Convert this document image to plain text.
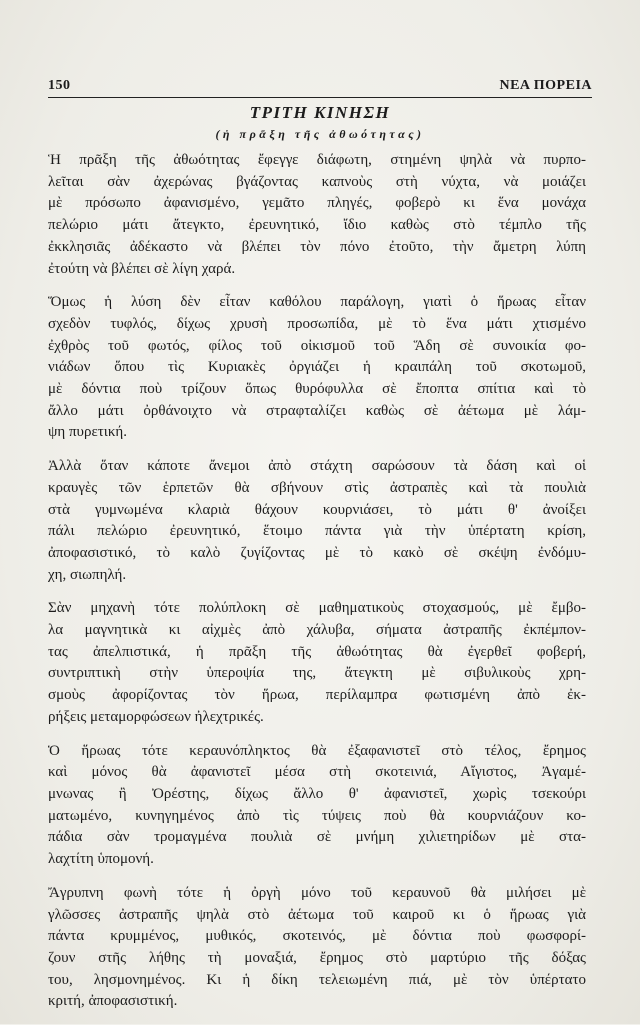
150	ΝΕΑ ΠΟΡΕΙΑ
ΤΡΙΤΗ ΚΙΝΗΣΗ
(ἡ πρᾶξη τῆς ἀθωότητας)

Ἡ πρᾶξη τῆς ἀθωότητας ἔφεγγε διάφωτη, στημένη ψηλὰ νὰ πυρπο-
λεῖται σὰν ἀχερώνας βγάζοντας καπνοὺς στὴ νύχτα, νὰ μοιάζει
μὲ πρόσωπο ἀφανισμένο, γεμᾶτο πληγές, φοβερὸ κι ἕνα μονάχα
πελώριο μάτι ἄτεγκτο, ἐρευνητικό, ἴδιο καθὼς στὸ τέμπλο τῆς
ἐκκλησιᾶς ἀδέκαστο νὰ βλέπει τὸν πόνο ἐτοῦτο, τὴν ἄμετρη λύπη
ἐτούτη νὰ βλέπει σὲ λίγη χαρά.

Ὅμως ἡ λύση δὲν εἶταν καθόλου παράλογη, γιατὶ ὁ ἥρωας εἶταν
σχεδὸν τυφλός, δίχως χρυσὴ προσωπίδα, μὲ τὸ ἕνα μάτι χτισμένο
ἐχθρὸς τοῦ φωτός, φίλος τοῦ οἰκισμοῦ τοῦ Ἅδη σὲ συνοικία φο-
νιάδων ὅπου τὶς Κυριακὲς ὀργιάζει ἡ κραιπάλη τοῦ σκοτωμοῦ,
μὲ δόντια ποὺ τρίζουν ὅπως θυρόφυλλα σὲ ἔποπτα σπίτια καὶ τὸ
ἄλλο μάτι ὀρθάνοιχτο νὰ στραφταλίζει καθὼς σὲ ἀέτωμα μὲ λάμ-
ψη πυρετική.

Ἀλλὰ ὅταν κάποτε ἄνεμοι ἀπὸ στάχτη σαρώσουν τὰ δάση καὶ οἱ
κραυγὲς τῶν ἑρπετῶν θὰ σβήνουν στὶς ἀστραπὲς καὶ τὰ πουλιὰ
στὰ γυμνωμένα κλαριὰ θάχουν κουρνιάσει, τὸ μάτι θ' ἀνοίξει
πάλι πελώριο ἐρευνητικό, ἕτοιμο πάντα γιὰ τὴν ὑπέρτατη κρίση,
ἀποφασιστικό, τὸ καλὸ ζυγίζοντας μὲ τὸ κακὸ σὲ σκέψη ἐνδόμυ-
χη, σιωπηλή.

Σὰν μηχανὴ τότε πολύπλοκη σὲ μαθηματικοὺς στοχασμούς, μὲ ἔμβο-
λα μαγνητικὰ κι αἰχμὲς ἀπὸ χάλυβα, σήματα ἀστραπῆς ἐκπέμπον-
τας ἀπελπιστικά, ἡ πρᾶξη τῆς ἀθωότητας θὰ ἐγερθεῖ φοβερή,
συντριπτικὴ στὴν ὑπεροψία της, ἄτεγκτη μὲ σιβυλικοὺς χρη-
σμοὺς ἀφορίζοντας τὸν ἥρωα, περίλαμπρα φωτισμένη ἀπὸ ἐκ-
ρήξεις μεταμορφώσεων ἠλεχτρικές.

Ὁ ἥρωας τότε κεραυνόπληκτος θὰ ἐξαφανιστεῖ στὸ τέλος, ἔρημος
καὶ μόνος θὰ ἀφανιστεῖ μέσα στὴ σκοτεινιά, Αἴγιστος, Ἀγαμέ-
μνωνας ἢ Ὀρέστης, δίχως ἄλλο θ' ἀφανιστεῖ, χωρὶς τσεκούρι
ματωμένο, κυνηγημένος ἀπὸ τὶς τύψεις ποὺ θὰ κουρνιάζουν κο-
πάδια σὰν τρομαγμένα πουλιὰ σὲ μνήμη χιλιετηρίδων μὲ στα-
λαχτίτη ὑπομονή.

Ἄγρυπνη φωνὴ τότε ἡ ὀργὴ μόνο τοῦ κεραυνοῦ θὰ μιλήσει μὲ
γλῶσσες ἀστραπῆς ψηλὰ στὸ ἀέτωμα τοῦ καιροῦ κι ὁ ἥρωας γιὰ
πάντα κρυμμένος, μυθικός, σκοτεινός, μὲ δόντια ποὺ φωσφορί-
ζουν στῆς λήθης τὴ μοναξιά, ἔρημος στὸ μαρτύριο τῆς δόξας
του, λησμονημένος. Κι ἡ δίκη τελειωμένη πιά, μὲ τὸν ὑπέρτατο
κριτή, ἀποφασιστική.
